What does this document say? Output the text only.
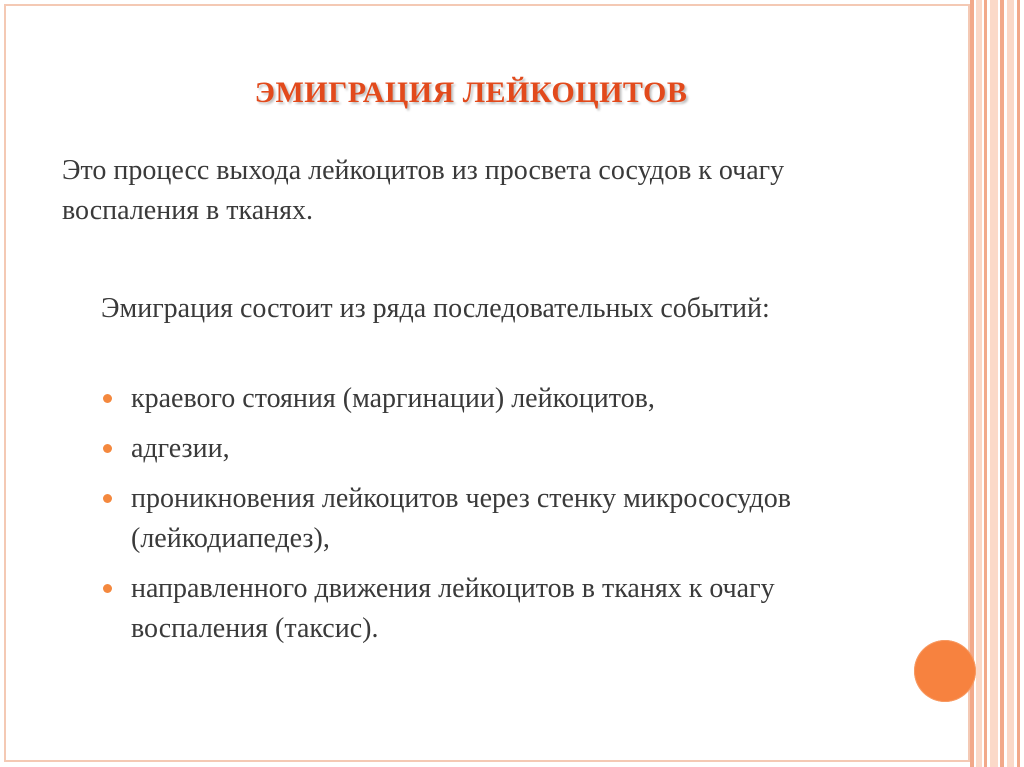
ЭМИГРАЦИЯ ЛЕЙКОЦИТОВ
Это процесс выхода лейкоцитов из просвета сосудов к очагу воспаления в тканях.
Эмиграция состоит из ряда последовательных событий:
краевого стояния (маргинации) лейкоцитов,
адгезии,
проникновения лейкоцитов через стенку микрососудов (лейкодиапедез),
направленного движения лейкоцитов в тканях к очагу воспаления (таксис).
